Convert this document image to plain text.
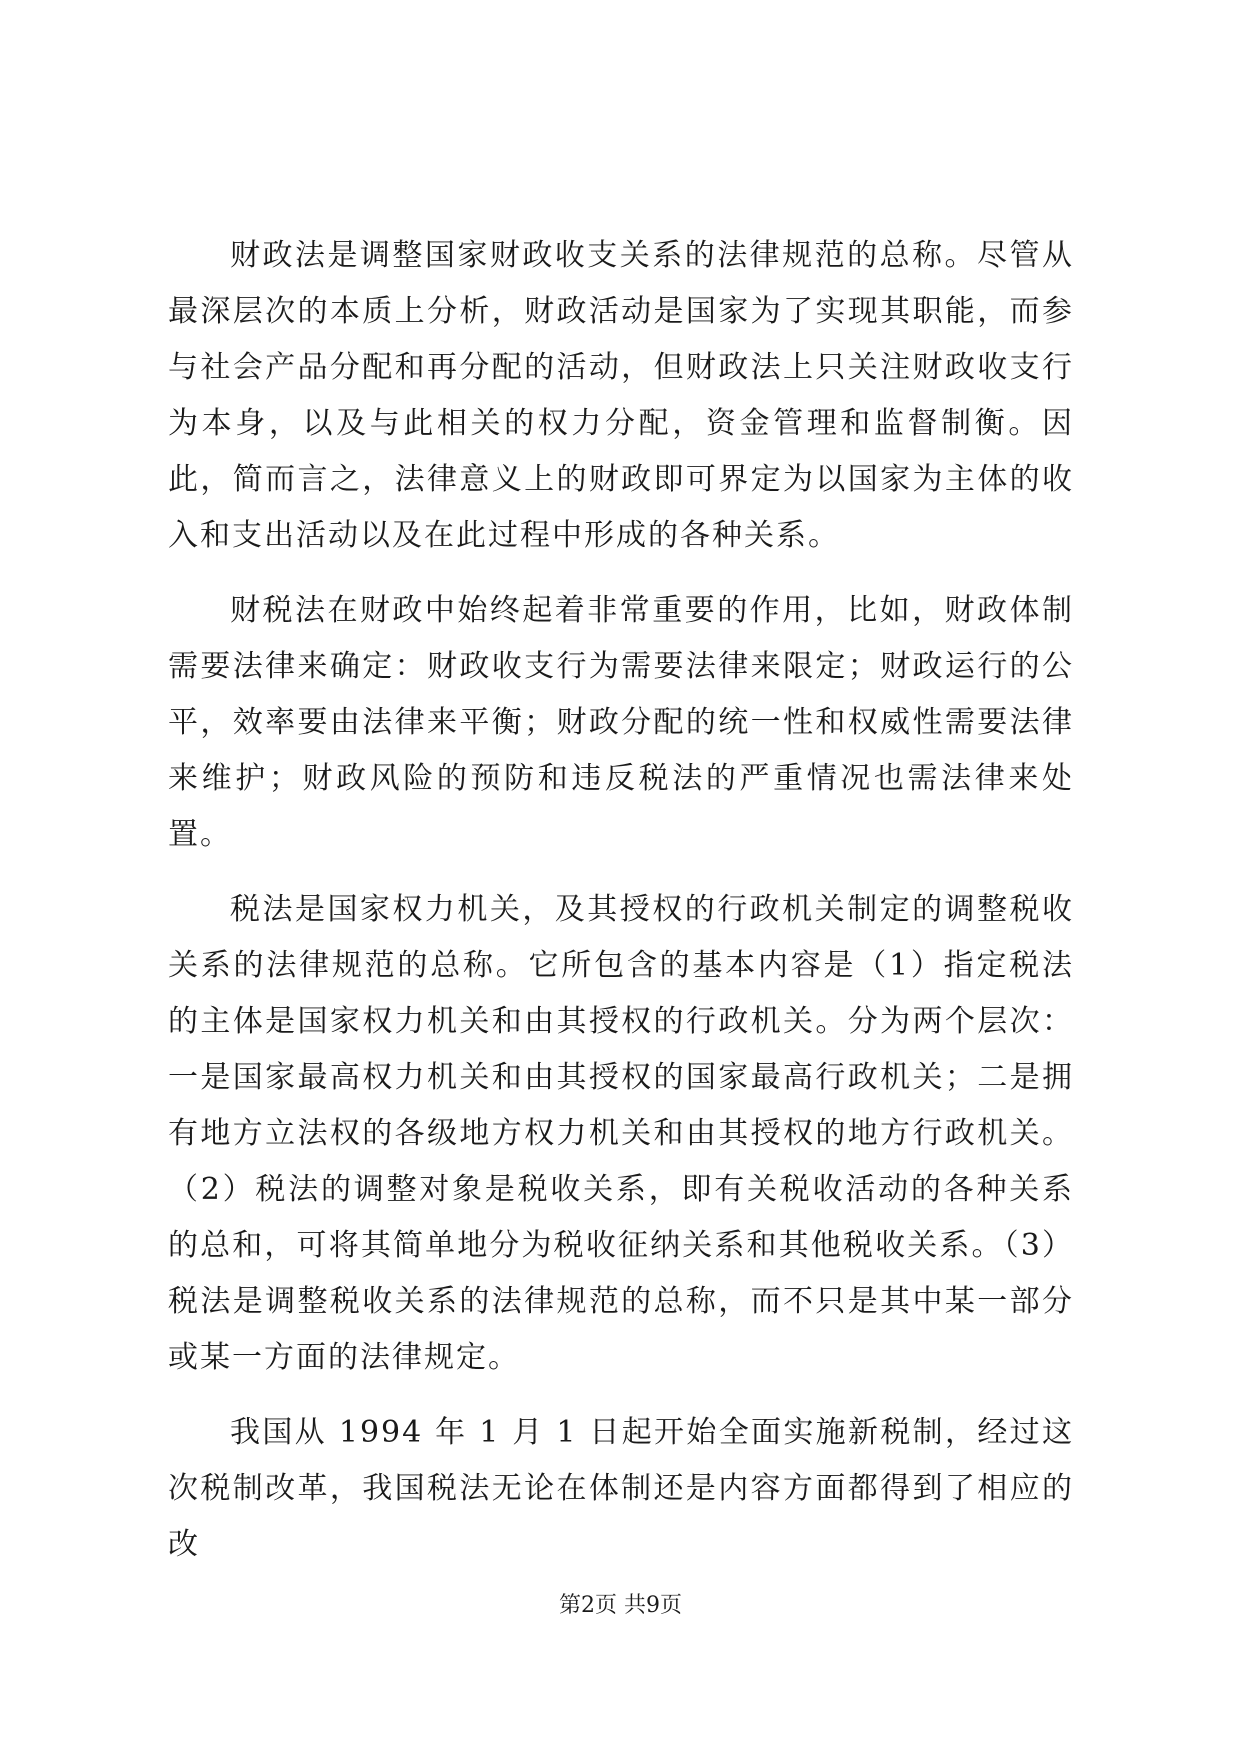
财政法是调整国家财政收支关系的法律规范的总称。尽管从最深层次的本质上分析，财政活动是国家为了实现其职能，而参与社会产品分配和再分配的活动，但财政法上只关注财政收支行为本身，以及与此相关的权力分配，资金管理和监督制衡。因此，简而言之，法律意义上的财政即可界定为以国家为主体的收入和支出活动以及在此过程中形成的各种关系。

财税法在财政中始终起着非常重要的作用，比如，财政体制需要法律来确定：财政收支行为需要法律来限定；财政运行的公平，效率要由法律来平衡；财政分配的统一性和权威性需要法律来维护；财政风险的预防和违反税法的严重情况也需法律来处置。

税法是国家权力机关，及其授权的行政机关制定的调整税收关系的法律规范的总称。它所包含的基本内容是（1）指定税法的主体是国家权力机关和由其授权的行政机关。分为两个层次：一是国家最高权力机关和由其授权的国家最高行政机关；二是拥有地方立法权的各级地方权力机关和由其授权的地方行政机关。（2）税法的调整对象是税收关系，即有关税收活动的各种关系的总和，可将其简单地分为税收征纳关系和其他税收关系。（3）税法是调整税收关系的法律规范的总称，而不只是其中某一部分或某一方面的法律规定。

我国从 1994 年 1 月 1 日起开始全面实施新税制，经过这次税制改革，我国税法无论在体制还是内容方面都得到了相应的改

第2页 共9页
